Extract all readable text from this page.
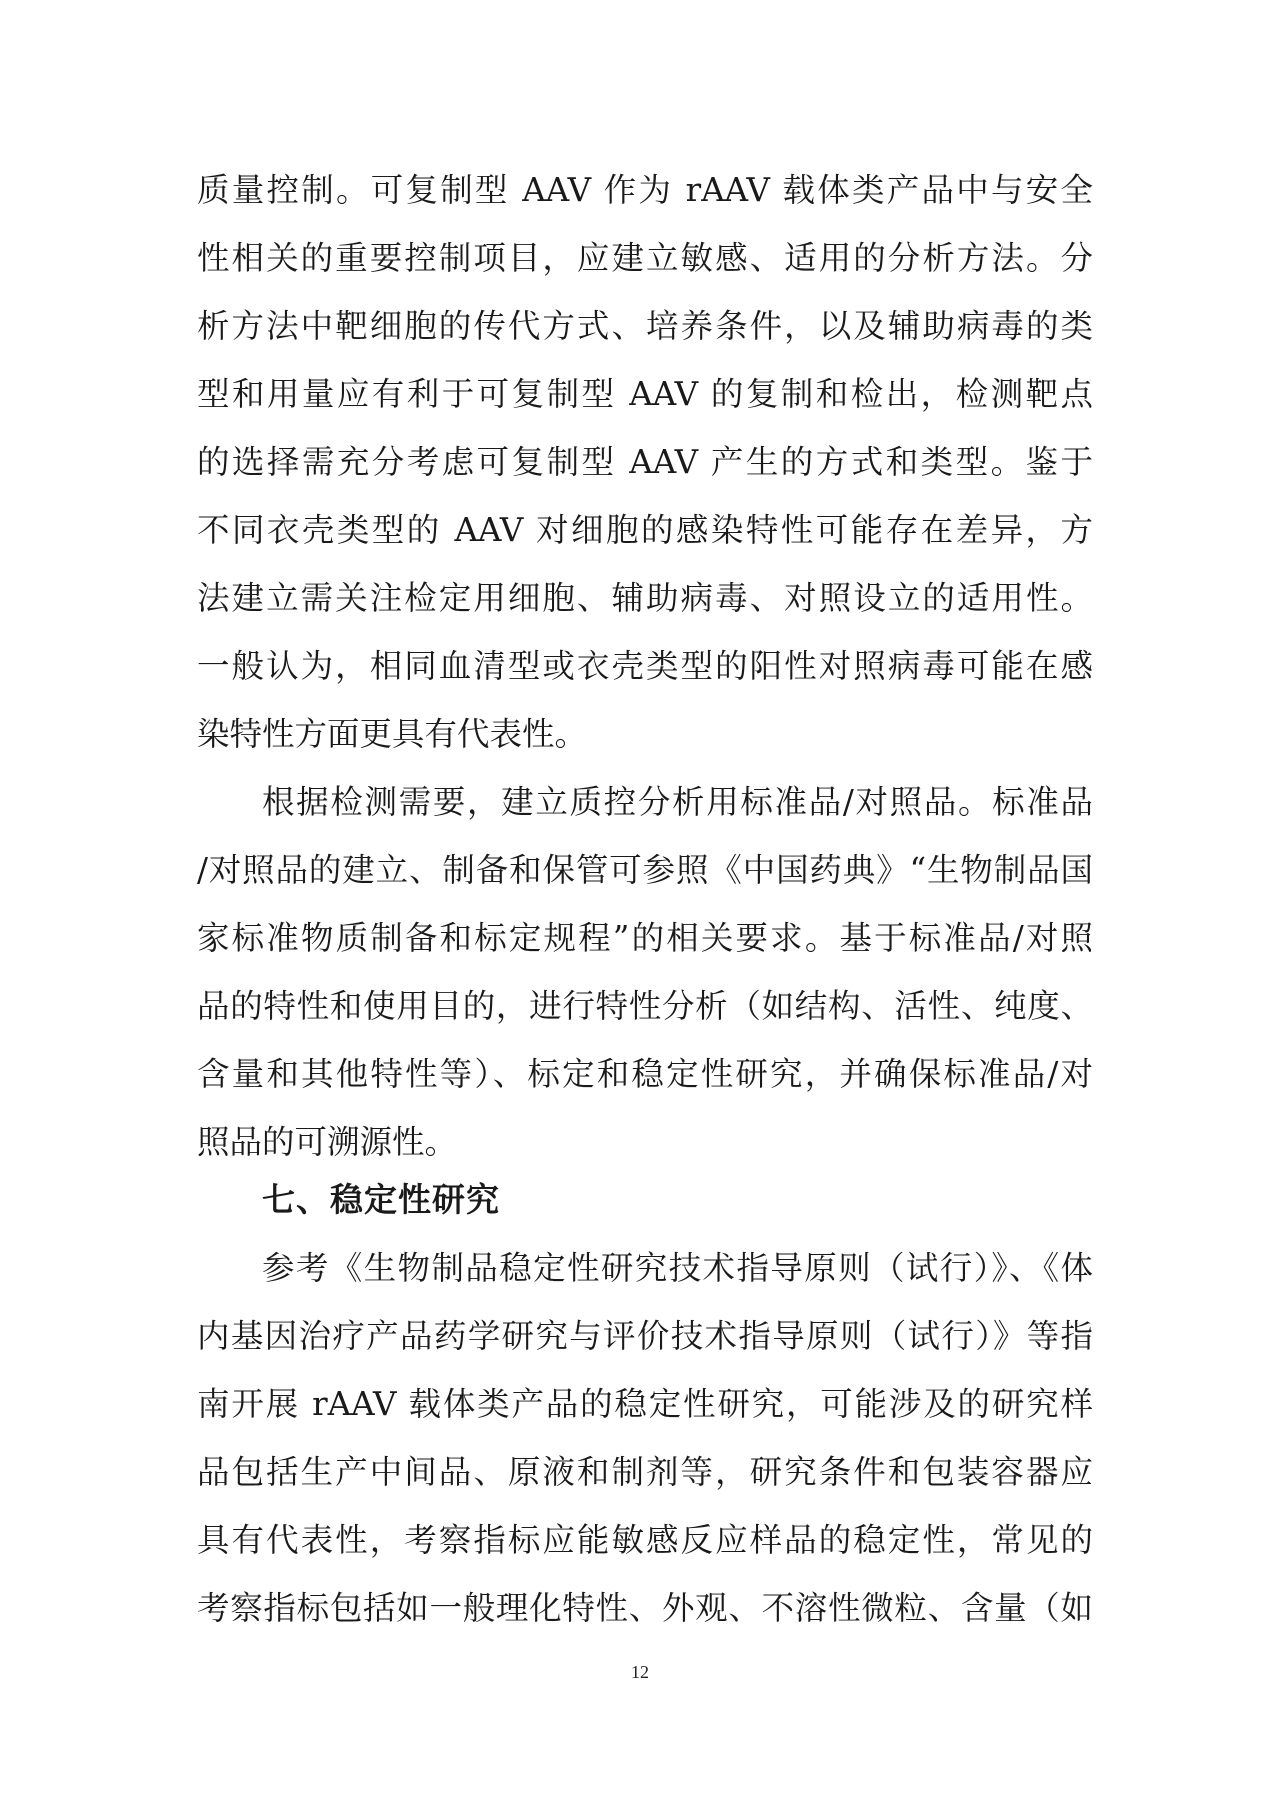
质量控制。可复制型 AAV 作为 rAAV 载体类产品中与安全
性相关的重要控制项目，应建立敏感、适用的分析方法。分
析方法中靶细胞的传代方式、培养条件，以及辅助病毒的类
型和用量应有利于可复制型 AAV 的复制和检出，检测靶点
的选择需充分考虑可复制型 AAV 产生的方式和类型。鉴于
不同衣壳类型的 AAV 对细胞的感染特性可能存在差异，方
法建立需关注检定用细胞、辅助病毒、对照设立的适用性。
一般认为，相同血清型或衣壳类型的阳性对照病毒可能在感
染特性方面更具有代表性。
根据检测需要，建立质控分析用标准品/对照品。标准品
/对照品的建立、制备和保管可参照《中国药典》“生物制品国
家标准物质制备和标定规程”的相关要求。基于标准品/对照
品的特性和使用目的，进行特性分析（如结构、活性、纯度、
含量和其他特性等）、标定和稳定性研究，并确保标准品/对
照品的可溯源性。
七、稳定性研究
参考《生物制品稳定性研究技术指导原则（试行）》、《体
内基因治疗产品药学研究与评价技术指导原则（试行）》等指
南开展 rAAV 载体类产品的稳定性研究，可能涉及的研究样
品包括生产中间品、原液和制剂等，研究条件和包装容器应
具有代表性，考察指标应能敏感反应样品的稳定性，常见的
考察指标包括如一般理化特性、外观、不溶性微粒、含量（如
12
